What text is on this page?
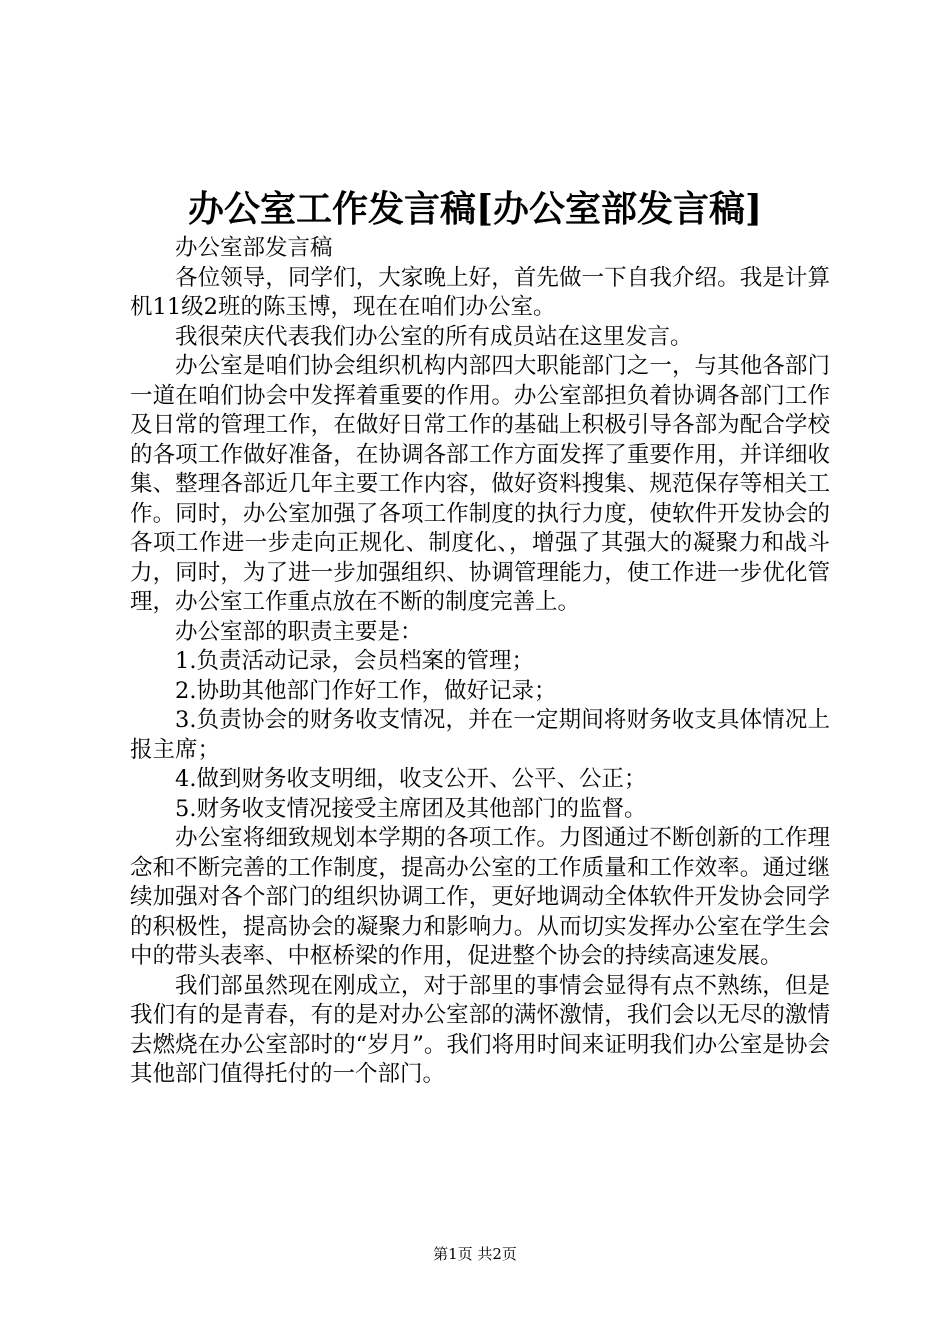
办公室工作发言稿[办公室部发言稿]

办公室部发言稿

各位领导，同学们，大家晚上好，首先做一下自我介绍。我是计算机11级2班的陈玉博，现在在咱们办公室。

我很荣庆代表我们办公室的所有成员站在这里发言。

办公室是咱们协会组织机构内部四大职能部门之一，与其他各部门一道在咱们协会中发挥着重要的作用。办公室部担负着协调各部门工作及日常的管理工作，在做好日常工作的基础上积极引导各部为配合学校的各项工作做好准备，在协调各部工作方面发挥了重要作用，并详细收集、整理各部近几年主要工作内容，做好资料搜集、规范保存等相关工作。同时，办公室加强了各项工作制度的执行力度，使软件开发协会的各项工作进一步走向正规化、制度化、，增强了其强大的凝聚力和战斗力，同时，为了进一步加强组织、协调管理能力，使工作进一步优化管理，办公室工作重点放在不断的制度完善上。

办公室部的职责主要是：

1.负责活动记录，会员档案的管理；

2.协助其他部门作好工作，做好记录；

3.负责协会的财务收支情况，并在一定期间将财务收支具体情况上报主席；

4.做到财务收支明细，收支公开、公平、公正；

5.财务收支情况接受主席团及其他部门的监督。

办公室将细致规划本学期的各项工作。力图通过不断创新的工作理念和不断完善的工作制度，提高办公室的工作质量和工作效率。通过继续加强对各个部门的组织协调工作，更好地调动全体软件开发协会同学的积极性，提高协会的凝聚力和影响力。从而切实发挥办公室在学生会中的带头表率、中枢桥梁的作用，促进整个协会的持续高速发展。

我们部虽然现在刚成立，对于部里的事情会显得有点不熟练，但是我们有的是青春，有的是对办公室部的满怀激情，我们会以无尽的激情去燃烧在办公室部时的“岁月”。我们将用时间来证明我们办公室是协会其他部门值得托付的一个部门。

第1页 共2页
